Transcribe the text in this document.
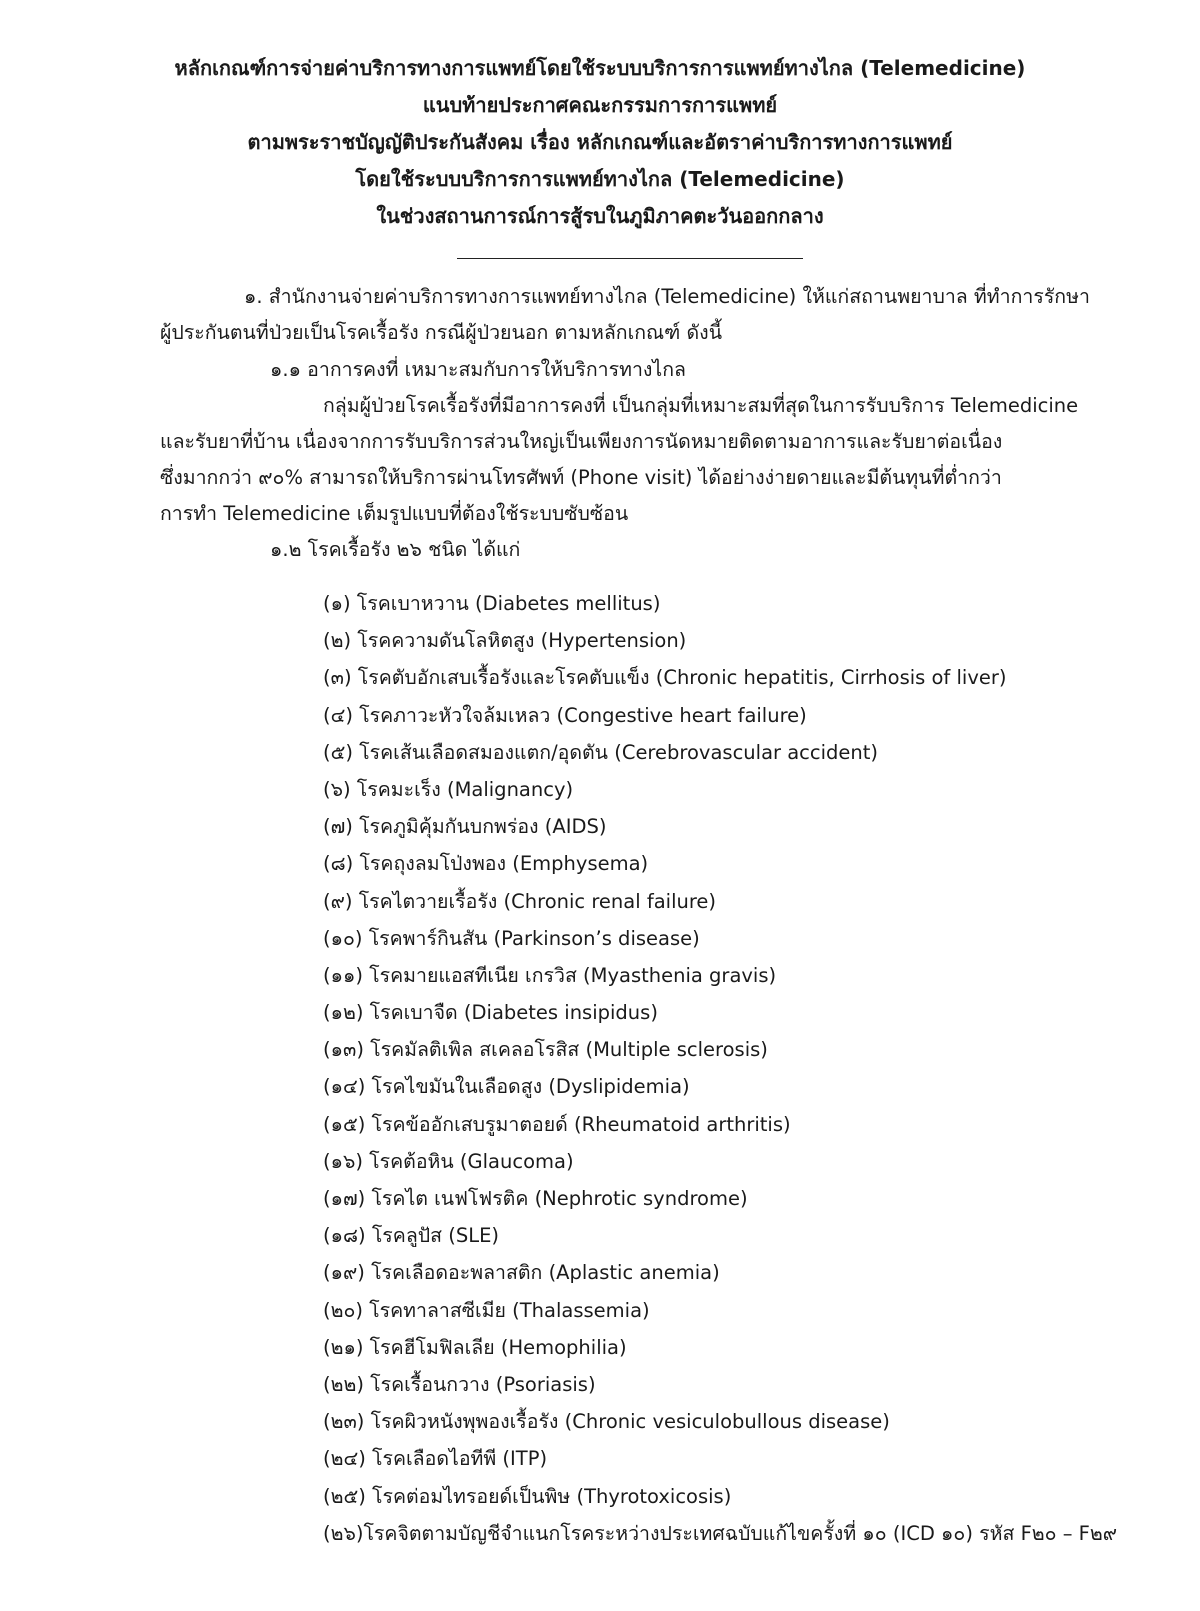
หลักเกณฑ์การจ่ายค่าบริการทางการแพทย์โดยใช้ระบบบริการการแพทย์ทางไกล (Telemedicine)
แนบท้ายประกาศคณะกรรมการการแพทย์
ตามพระราชบัญญัติประกันสังคม เรื่อง หลักเกณฑ์และอัตราค่าบริการทางการแพทย์
โดยใช้ระบบบริการการแพทย์ทางไกล (Telemedicine)
ในช่วงสถานการณ์การสู้รบในภูมิภาคตะวันออกกลาง
๑. สำนักงานจ่ายค่าบริการทางการแพทย์ทางไกล (Telemedicine) ให้แก่สถานพยาบาล ที่ทำการรักษา
ผู้ประกันตนที่ป่วยเป็นโรคเรื้อรัง กรณีผู้ป่วยนอก ตามหลักเกณฑ์ ดังนี้
๑.๑ อาการคงที่ เหมาะสมกับการให้บริการทางไกล
กลุ่มผู้ป่วยโรคเรื้อรังที่มีอาการคงที่ เป็นกลุ่มที่เหมาะสมที่สุดในการรับบริการ Telemedicine
และรับยาที่บ้าน เนื่องจากการรับบริการส่วนใหญ่เป็นเพียงการนัดหมายติดตามอาการและรับยาต่อเนื่อง
ซึ่งมากกว่า ๙๐% สามารถให้บริการผ่านโทรศัพท์ (Phone visit) ได้อย่างง่ายดายและมีต้นทุนที่ต่ำกว่า
การทำ Telemedicine เต็มรูปแบบที่ต้องใช้ระบบซับซ้อน
๑.๒ โรคเรื้อรัง ๒๖ ชนิด ได้แก่
(๑) โรคเบาหวาน (Diabetes mellitus)
(๒) โรคความดันโลหิตสูง (Hypertension)
(๓) โรคตับอักเสบเรื้อรังและโรคตับแข็ง (Chronic hepatitis, Cirrhosis of liver)
(๔) โรคภาวะหัวใจล้มเหลว (Congestive heart failure)
(๕) โรคเส้นเลือดสมองแตก/อุดตัน (Cerebrovascular accident)
(๖) โรคมะเร็ง (Malignancy)
(๗) โรคภูมิคุ้มกันบกพร่อง (AIDS)
(๘) โรคถุงลมโป่งพอง (Emphysema)
(๙) โรคไตวายเรื้อรัง (Chronic renal failure)
(๑๐) โรคพาร์กินสัน (Parkinson’s disease)
(๑๑) โรคมายแอสทีเนีย เกรวิส (Myasthenia gravis)
(๑๒) โรคเบาจืด (Diabetes insipidus)
(๑๓) โรคมัลติเพิล สเคลอโรสิส (Multiple sclerosis)
(๑๔) โรคไขมันในเลือดสูง (Dyslipidemia)
(๑๕) โรคข้ออักเสบรูมาตอยด์ (Rheumatoid arthritis)
(๑๖) โรคต้อหิน (Glaucoma)
(๑๗) โรคไต เนฟโฟรติค (Nephrotic syndrome)
(๑๘) โรคลูปัส (SLE)
(๑๙) โรคเลือดอะพลาสติก (Aplastic anemia)
(๒๐) โรคทาลาสซีเมีย (Thalassemia)
(๒๑) โรคฮีโมฟิลเลีย (Hemophilia)
(๒๒) โรคเรื้อนกวาง (Psoriasis)
(๒๓) โรคผิวหนังพุพองเรื้อรัง (Chronic vesiculobullous disease)
(๒๔) โรคเลือดไอทีพี (ITP)
(๒๕) โรคต่อมไทรอยด์เป็นพิษ (Thyrotoxicosis)
(๒๖)โรคจิตตามบัญชีจำแนกโรคระหว่างประเทศฉบับแก้ไขครั้งที่ ๑๐ (ICD ๑๐) รหัส F๒๐ – F๒๙
